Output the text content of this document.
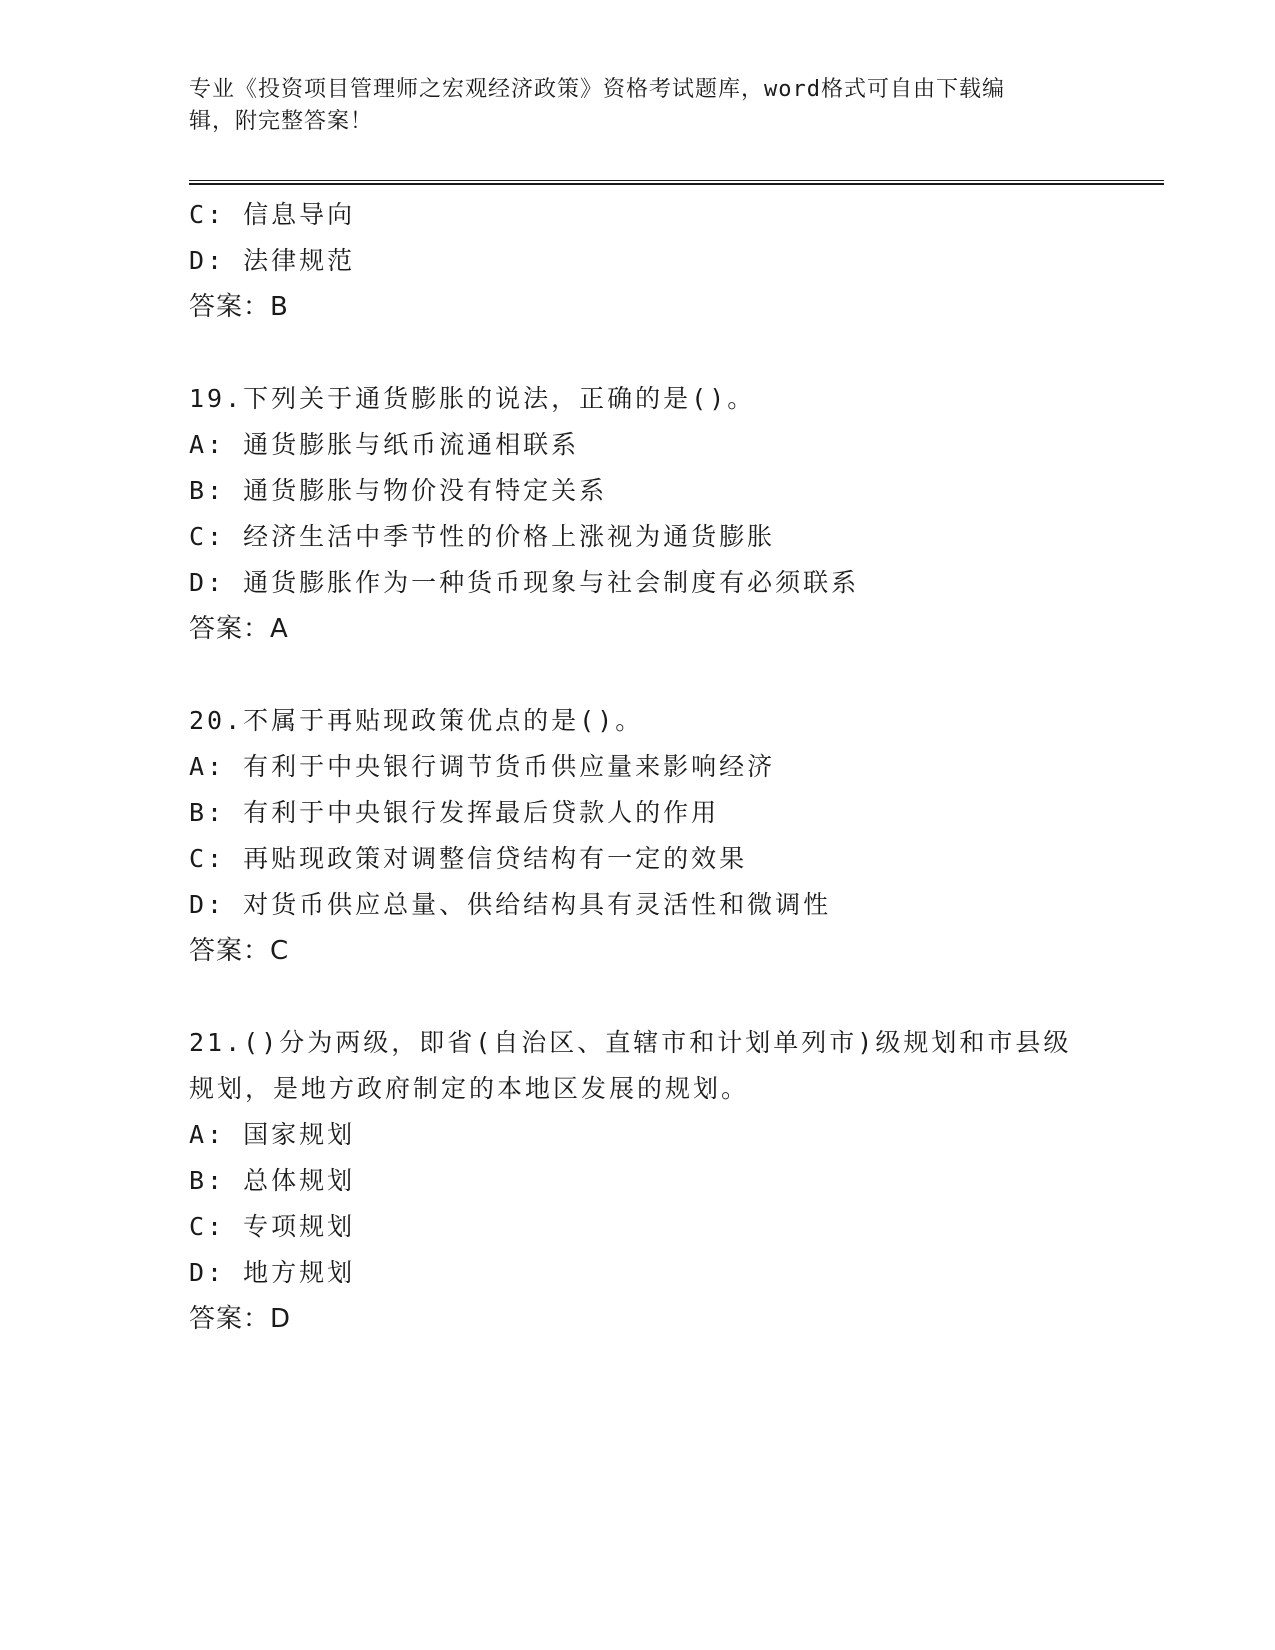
专业《投资项目管理师之宏观经济政策》资格考试题库，word格式可自由下载编
辑，附完整答案！
C: 信息导向
D: 法律规范
答案：B
19.下列关于通货膨胀的说法，正确的是()。
A: 通货膨胀与纸币流通相联系
B: 通货膨胀与物价没有特定关系
C: 经济生活中季节性的价格上涨视为通货膨胀
D: 通货膨胀作为一种货币现象与社会制度有必须联系
答案：A
20.不属于再贴现政策优点的是()。
A: 有利于中央银行调节货币供应量来影响经济
B: 有利于中央银行发挥最后贷款人的作用
C: 再贴现政策对调整信贷结构有一定的效果
D: 对货币供应总量、供给结构具有灵活性和微调性
答案：C
21.()分为两级，即省(自治区、直辖市和计划单列市)级规划和市县级
规划，是地方政府制定的本地区发展的规划。
A: 国家规划
B: 总体规划
C: 专项规划
D: 地方规划
答案：D
